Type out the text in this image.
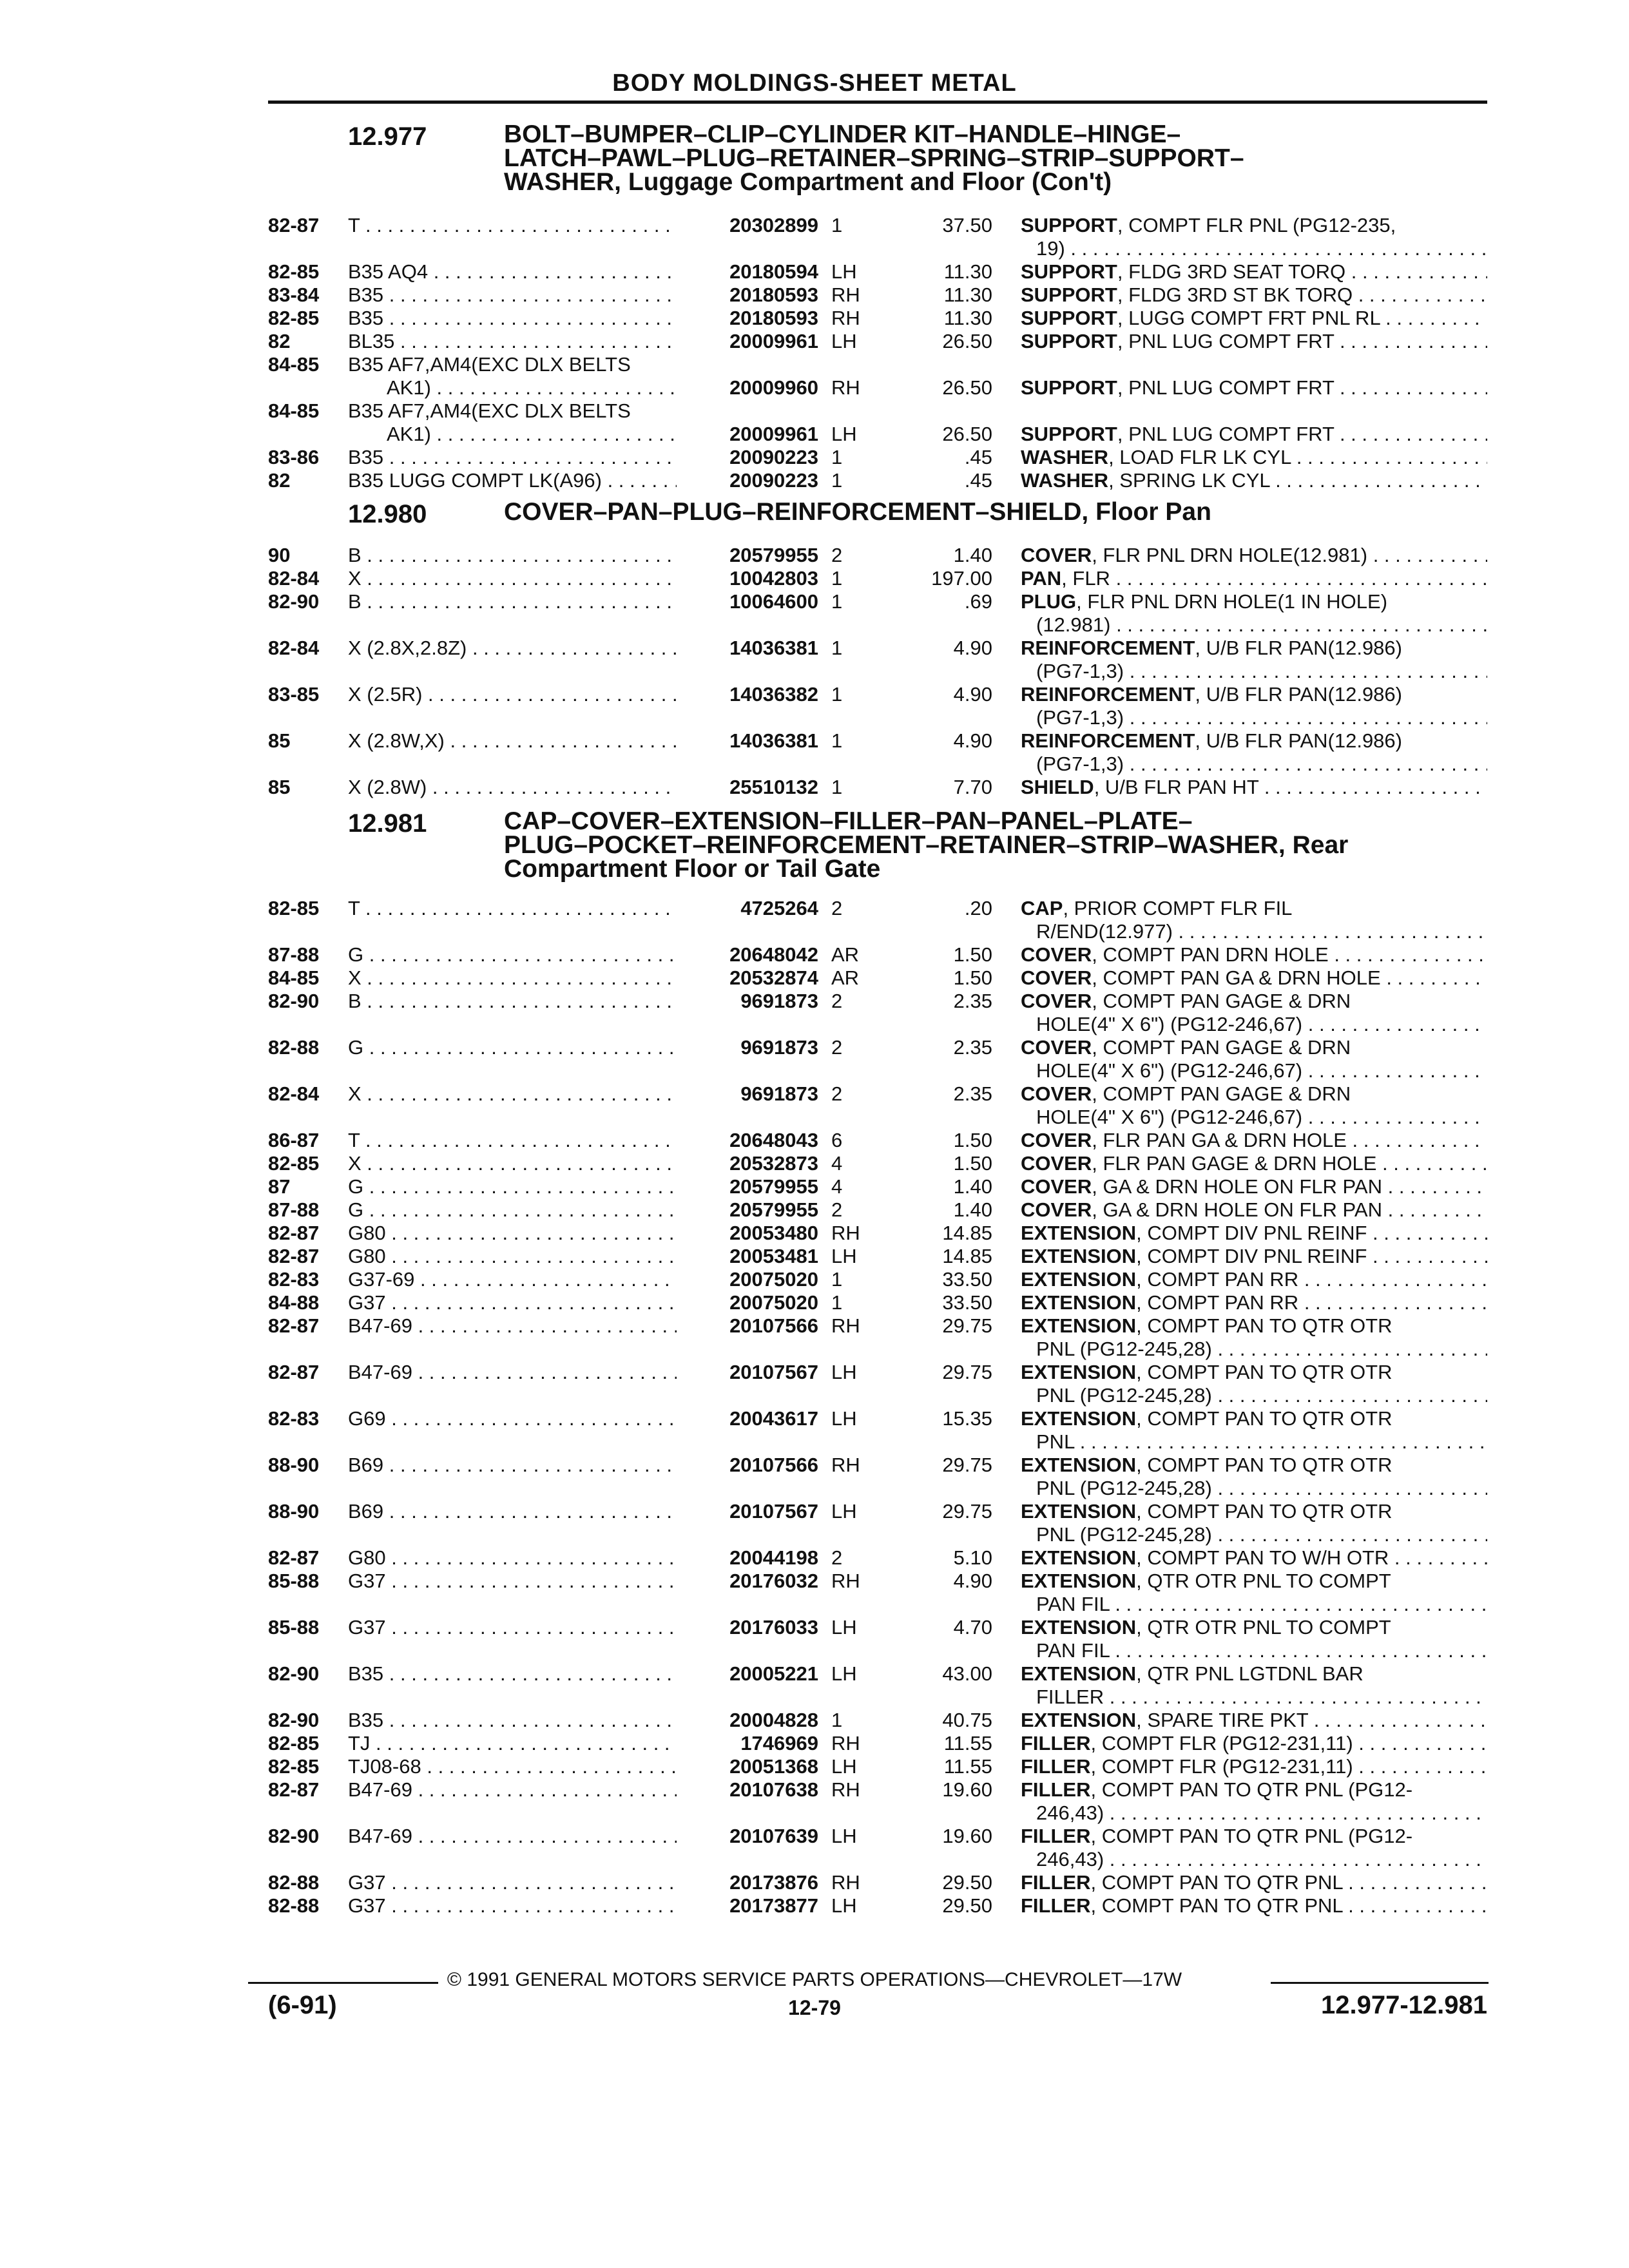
BODY MOLDINGS-SHEET METAL
12.977	BOLT–BUMPER–CLIP–CYLINDER KIT–HANDLE–HINGE–
LATCH–PAWL–PLUG–RETAINER–SPRING–STRIP–SUPPORT–
WASHER, Luggage Compartment and Floor (Con't)
82-87 T . . .	20302899 1	37.50 SUPPORT, COMPT FLR PNL (PG12-235,
19) . . .
82-85 B35 AQ4 . . .	20180594 LH	11.30 SUPPORT, FLDG 3RD SEAT TORQ . . .
83-84 B35 . . .	20180593 RH	11.30 SUPPORT, FLDG 3RD ST BK TORQ . . .
82-85 B35 . . .	20180593 RH	11.30 SUPPORT, LUGG COMPT FRT PNL RL . . .
82	BL35 . . .	20009961 LH	26.50 SUPPORT, PNL LUG COMPT FRT . . .
84-85 B35 AF7,AM4(EXC DLX BELTS
AK1) . . .	20009960 RH	26.50 SUPPORT, PNL LUG COMPT FRT . . .
84-85 B35 AF7,AM4(EXC DLX BELTS
AK1) . . .	20009961 LH	26.50 SUPPORT, PNL LUG COMPT FRT . . .
83-86 B35 . . .	20090223 1	.45 WASHER, LOAD FLR LK CYL . . .
82	B35 LUGG COMPT LK(A96) . . .	20090223 1	.45 WASHER, SPRING LK CYL . . .
12.980	COVER–PAN–PLUG–REINFORCEMENT–SHIELD, Floor Pan
90	B . . .	20579955 2	1.40 COVER, FLR PNL DRN HOLE(12.981) . . .
82-84 X . . .	10042803 1	197.00 PAN, FLR . . .
82-90 B . . .	10064600 1	.69 PLUG, FLR PNL DRN HOLE(1 IN HOLE)
(12.981) . . .
82-84 X (2.8X,2.8Z) . . .	14036381 1	4.90 REINFORCEMENT, U/B FLR PAN(12.986)
(PG7-1,3) . . .
83-85 X (2.5R) . . .	14036382 1	4.90 REINFORCEMENT, U/B FLR PAN(12.986)
(PG7-1,3) . . .
85	X (2.8W,X) . . .	14036381 1	4.90 REINFORCEMENT, U/B FLR PAN(12.986)
(PG7-1,3) . . .
85	X (2.8W) . . .	25510132 1	7.70 SHIELD, U/B FLR PAN HT . . .
12.981	CAP–COVER–EXTENSION–FILLER–PAN–PANEL–PLATE–
PLUG–POCKET–REINFORCEMENT–RETAINER–STRIP–WASHER, Rear
Compartment Floor or Tail Gate
82-85 T . . .	4725264 2	.20 CAP, PRIOR COMPT FLR FIL
R/END(12.977) . . .
87-88 G . . .	20648042 AR	1.50 COVER, COMPT PAN DRN HOLE . . .
84-85 X . . .	20532874 AR	1.50 COVER, COMPT PAN GA & DRN HOLE . . .
82-90 B . . .	9691873 2	2.35 COVER, COMPT PAN GAGE & DRN
HOLE(4" X 6") (PG12-246,67) . . .
82-88 G . . .	9691873 2	2.35 COVER, COMPT PAN GAGE & DRN
HOLE(4" X 6") (PG12-246,67) . . .
82-84 X . . .	9691873 2	2.35 COVER, COMPT PAN GAGE & DRN
HOLE(4" X 6") (PG12-246,67) . . .
86-87 T . . .	20648043 6	1.50 COVER, FLR PAN GA & DRN HOLE . . .
82-85 X . . .	20532873 4	1.50 COVER, FLR PAN GAGE & DRN HOLE . . .
87	G . . .	20579955 4	1.40 COVER, GA & DRN HOLE ON FLR PAN . . .
87-88 G . . .	20579955 2	1.40 COVER, GA & DRN HOLE ON FLR PAN . . .
82-87 G80 . . .	20053480 RH	14.85 EXTENSION, COMPT DIV PNL REINF . . .
82-87 G80 . . .	20053481 LH	14.85 EXTENSION, COMPT DIV PNL REINF . . .
82-83 G37-69 . . .	20075020 1	33.50 EXTENSION, COMPT PAN RR . . .
84-88 G37 . . .	20075020 1	33.50 EXTENSION, COMPT PAN RR . . .
82-87 B47-69 . . .	20107566 RH	29.75 EXTENSION, COMPT PAN TO QTR OTR
PNL (PG12-245,28) . . .
82-87 B47-69 . . .	20107567 LH	29.75 EXTENSION, COMPT PAN TO QTR OTR
PNL (PG12-245,28) . . .
82-83 G69 . . .	20043617 LH	15.35 EXTENSION, COMPT PAN TO QTR OTR
PNL . . .
88-90 B69 . . .	20107566 RH	29.75 EXTENSION, COMPT PAN TO QTR OTR
PNL (PG12-245,28) . . .
88-90 B69 . . .	20107567 LH	29.75 EXTENSION, COMPT PAN TO QTR OTR
PNL (PG12-245,28) . . .
82-87 G80 . . .	20044198 2	5.10 EXTENSION, COMPT PAN TO W/H OTR . . .
85-88 G37 . . .	20176032 RH	4.90 EXTENSION, QTR OTR PNL TO COMPT
PAN FIL . . .
85-88 G37 . . .	20176033 LH	4.70 EXTENSION, QTR OTR PNL TO COMPT
PAN FIL . . .
82-90 B35 . . .	20005221 LH	43.00 EXTENSION, QTR PNL LGTDNL BAR
FILLER . . .
82-90 B35 . . .	20004828 1	40.75 EXTENSION, SPARE TIRE PKT . . .
82-85 TJ . . .	1746969 RH	11.55 FILLER, COMPT FLR (PG12-231,11) . . .
82-85 TJ08-68 . . .	20051368 LH	11.55 FILLER, COMPT FLR (PG12-231,11) . . .
82-87 B47-69 . . .	20107638 RH	19.60 FILLER, COMPT PAN TO QTR PNL (PG12-
246,43) . . .
82-90 B47-69 . . .	20107639 LH	19.60 FILLER, COMPT PAN TO QTR PNL (PG12-
246,43) . . .
82-88 G37 . . .	20173876 RH	29.50 FILLER, COMPT PAN TO QTR PNL . . .
82-88 G37 . . .	20173877 LH	29.50 FILLER, COMPT PAN TO QTR PNL . . .
© 1991 GENERAL MOTORS SERVICE PARTS OPERATIONS—CHEVROLET—17W
(6-91)	12-79	12.977-12.981
